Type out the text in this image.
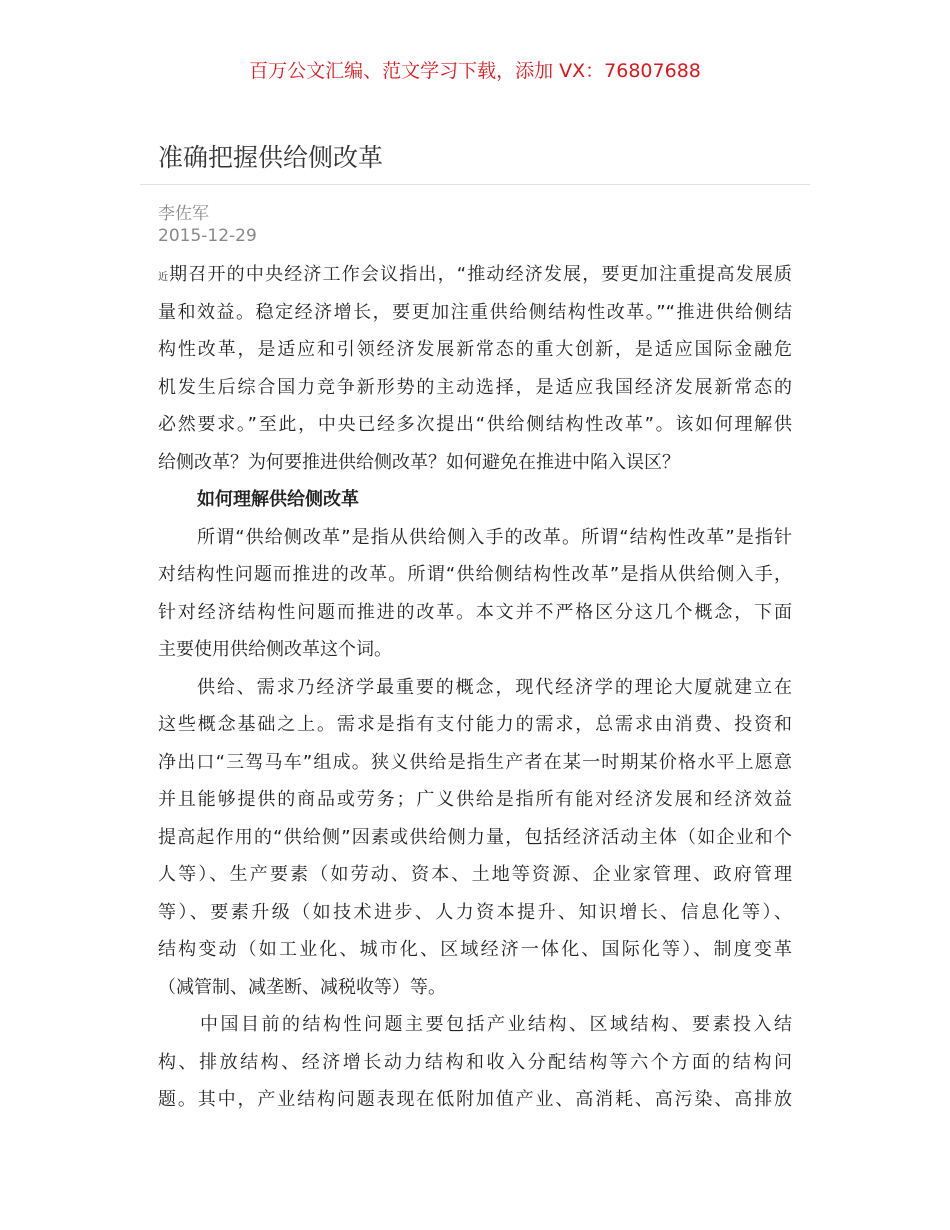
百万公文汇编、范文学习下载，添加 VX：76807688
准确把握供给侧改革
李佐军
2015-12-29
近期召开的中央经济工作会议指出，“推动经济发展，要更加注重提高发展质
量和效益。稳定经济增长，要更加注重供给侧结构性改革。”“推进供给侧结
构性改革，是适应和引领经济发展新常态的重大创新，是适应国际金融危
机发生后综合国力竞争新形势的主动选择，是适应我国经济发展新常态的
必然要求。”至此，中央已经多次提出“供给侧结构性改革”。该如何理解供
给侧改革？为何要推进供给侧改革？如何避免在推进中陷入误区？
如何理解供给侧改革
所谓“供给侧改革”是指从供给侧入手的改革。所谓“结构性改革”是指针
对结构性问题而推进的改革。所谓“供给侧结构性改革”是指从供给侧入手，
针对经济结构性问题而推进的改革。本文并不严格区分这几个概念，下面
主要使用供给侧改革这个词。
供给、需求乃经济学最重要的概念，现代经济学的理论大厦就建立在
这些概念基础之上。需求是指有支付能力的需求，总需求由消费、投资和
净出口“三驾马车”组成。狭义供给是指生产者在某一时期某价格水平上愿意
并且能够提供的商品或劳务；广义供给是指所有能对经济发展和经济效益
提高起作用的“供给侧”因素或供给侧力量，包括经济活动主体（如企业和个
人等）、生产要素（如劳动、资本、土地等资源、企业家管理、政府管理
等）、要素升级（如技术进步、人力资本提升、知识增长、信息化等）、
结构变动（如工业化、城市化、区域经济一体化、国际化等）、制度变革
（减管制、减垄断、减税收等）等。
中国目前的结构性问题主要包括产业结构、区域结构、要素投入结
构、排放结构、经济增长动力结构和收入分配结构等六个方面的结构问
题。其中，产业结构问题表现在低附加值产业、高消耗、高污染、高排放
